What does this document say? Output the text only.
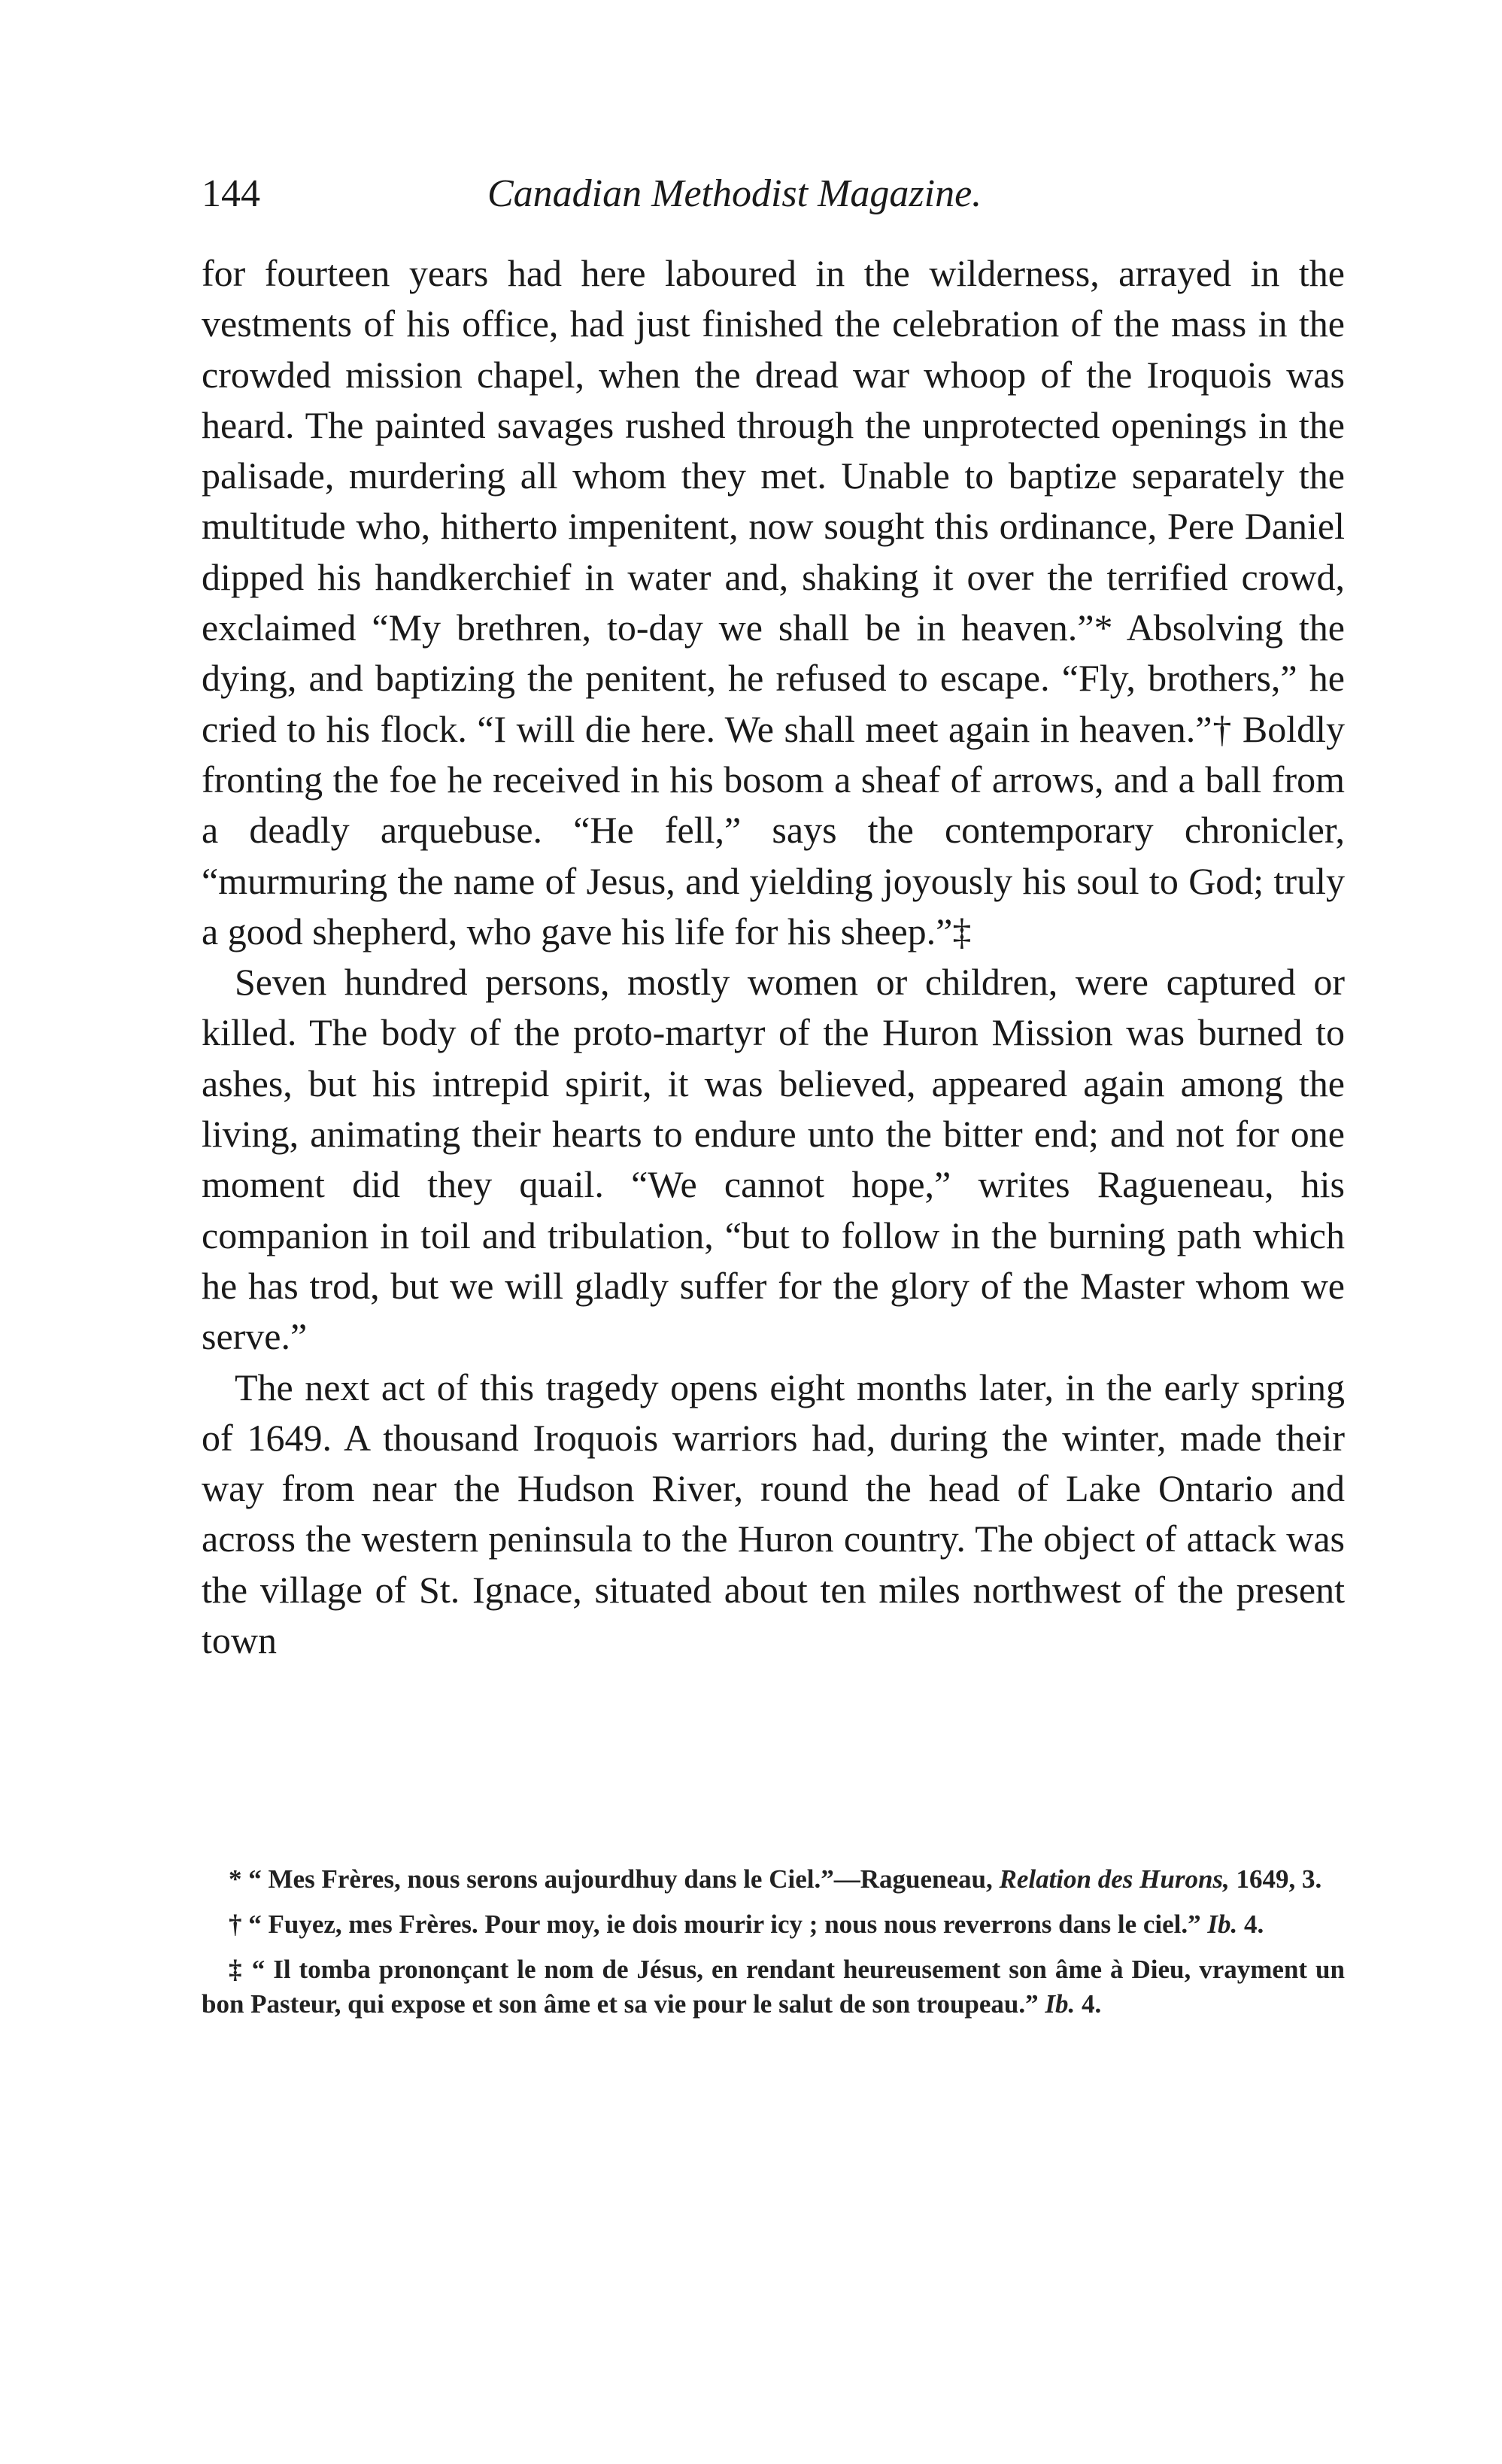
144	Canadian Methodist Magazine.

for fourteen years had here laboured in the wilderness, arrayed in the vestments of his office, had just finished the celebration of the mass in the crowded mission chapel, when the dread war whoop of the Iroquois was heard. The painted savages rushed through the unprotected openings in the palisade, murdering all whom they met. Unable to baptize separately the multitude who, hitherto impenitent, now sought this ordinance, Pere Daniel dipped his handkerchief in water and, shaking it over the terrified crowd, exclaimed “My brethren, to-day we shall be in heaven.”* Absolving the dying, and baptizing the penitent, he refused to escape. “Fly, brothers,” he cried to his flock. “I will die here. We shall meet again in heaven.”† Boldly fronting the foe he received in his bosom a sheaf of arrows, and a ball from a deadly arquebuse. “He fell,” says the contemporary chronicler, “murmuring the name of Jesus, and yielding joyously his soul to God; truly a good shepherd, who gave his life for his sheep.”‡

Seven hundred persons, mostly women or children, were captured or killed. The body of the proto-martyr of the Huron Mission was burned to ashes, but his intrepid spirit, it was believed, appeared again among the living, animating their hearts to endure unto the bitter end; and not for one moment did they quail. “We cannot hope,” writes Ragueneau, his companion in toil and tribulation, “but to follow in the burning path which he has trod, but we will gladly suffer for the glory of the Master whom we serve.”

The next act of this tragedy opens eight months later, in the early spring of 1649. A thousand Iroquois warriors had, during the winter, made their way from near the Hudson River, round the head of Lake Ontario and across the western peninsula to the Huron country. The object of attack was the village of St. Ignace, situated about ten miles northwest of the present town

* “ Mes Frères, nous serons aujourdhuy dans le Ciel.”—Ragueneau, Relation des Hurons, 1649, 3.

† “ Fuyez, mes Frères. Pour moy, ie dois mourir icy ; nous nous reverrons dans le ciel.” Ib. 4.

‡ “ Il tomba prononçant le nom de Jésus, en rendant heureusement son âme à Dieu, vrayment un bon Pasteur, qui expose et son âme et sa vie pour le salut de son troupeau.” Ib. 4.
